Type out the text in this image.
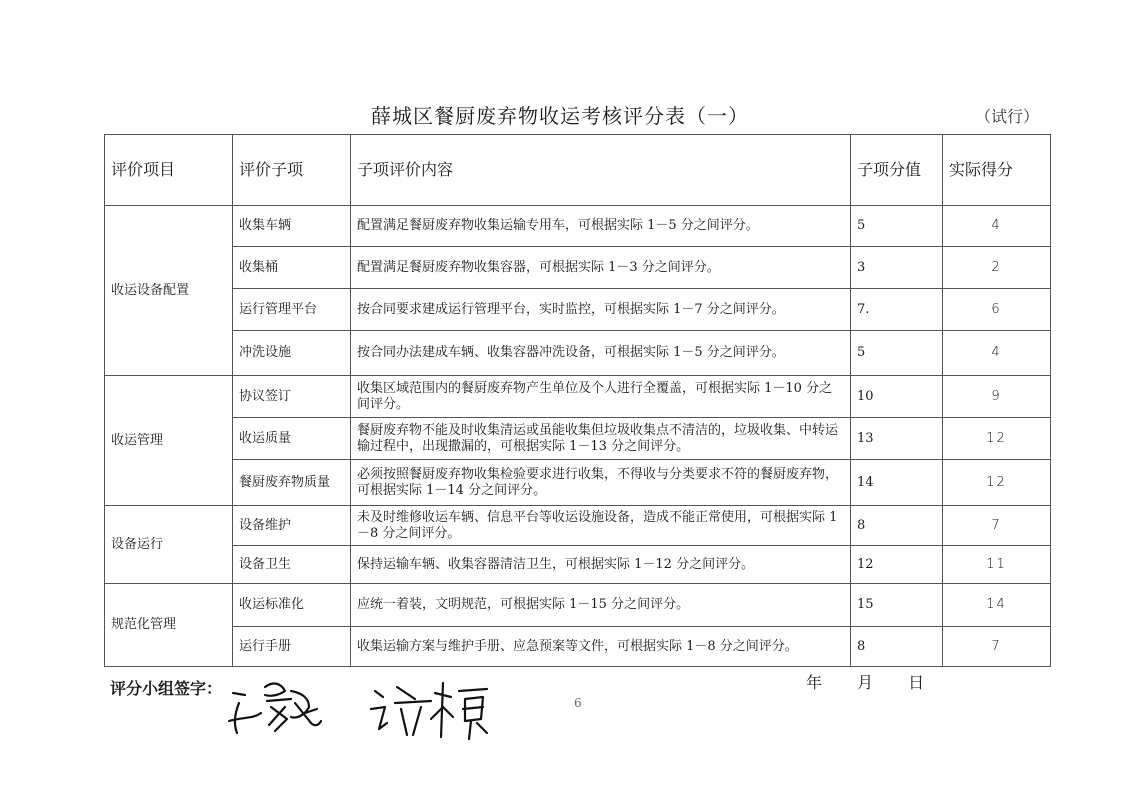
薛城区餐厨废弃物收运考核评分表（一）	（试行）
评价项目	评价子项	子项评价内容	子项分值	实际得分
收运设备配置	收集车辆	配置满足餐厨废弃物收集运输专用车，可根据实际 1－5 分之间评分。	5	4
	收集桶	配置满足餐厨废弃物收集容器，可根据实际 1－3 分之间评分。	3	2
	运行管理平台	按合同要求建成运行管理平台，实时监控，可根据实际 1－7 分之间评分。	7.	6
	冲洗设施	按合同办法建成车辆、收集容器冲洗设备，可根据实际 1－5 分之间评分。	5	4
收运管理	协议签订	收集区域范围内的餐厨废弃物产生单位及个人进行全覆盖，可根据实际 1－10 分之间评分。	10	9
	收运质量	餐厨废弃物不能及时收集清运或虽能收集但垃圾收集点不清洁的，垃圾收集、中转运输过程中，出现撒漏的，可根据实际 1－13 分之间评分。	13	12
	餐厨废弃物质量	必须按照餐厨废弃物收集检验要求进行收集，不得收与分类要求不符的餐厨废弃物，可根据实际 1－14 分之间评分。	14	12
设备运行	设备维护	未及时维修收运车辆、信息平台等收运设施设备，造成不能正常使用，可根据实际 1－8 分之间评分。	8	7
	设备卫生	保持运输车辆、收集容器清洁卫生，可根据实际 1－12 分之间评分。	12	11
规范化管理	收运标准化	应统一着装，文明规范，可根据实际 1－15 分之间评分。	15	14
	运行手册	收集运输方案与维护手册、应急预案等文件，可根据实际 1－8 分之间评分。	8	7
评分小组签字：	年 月 日
6
